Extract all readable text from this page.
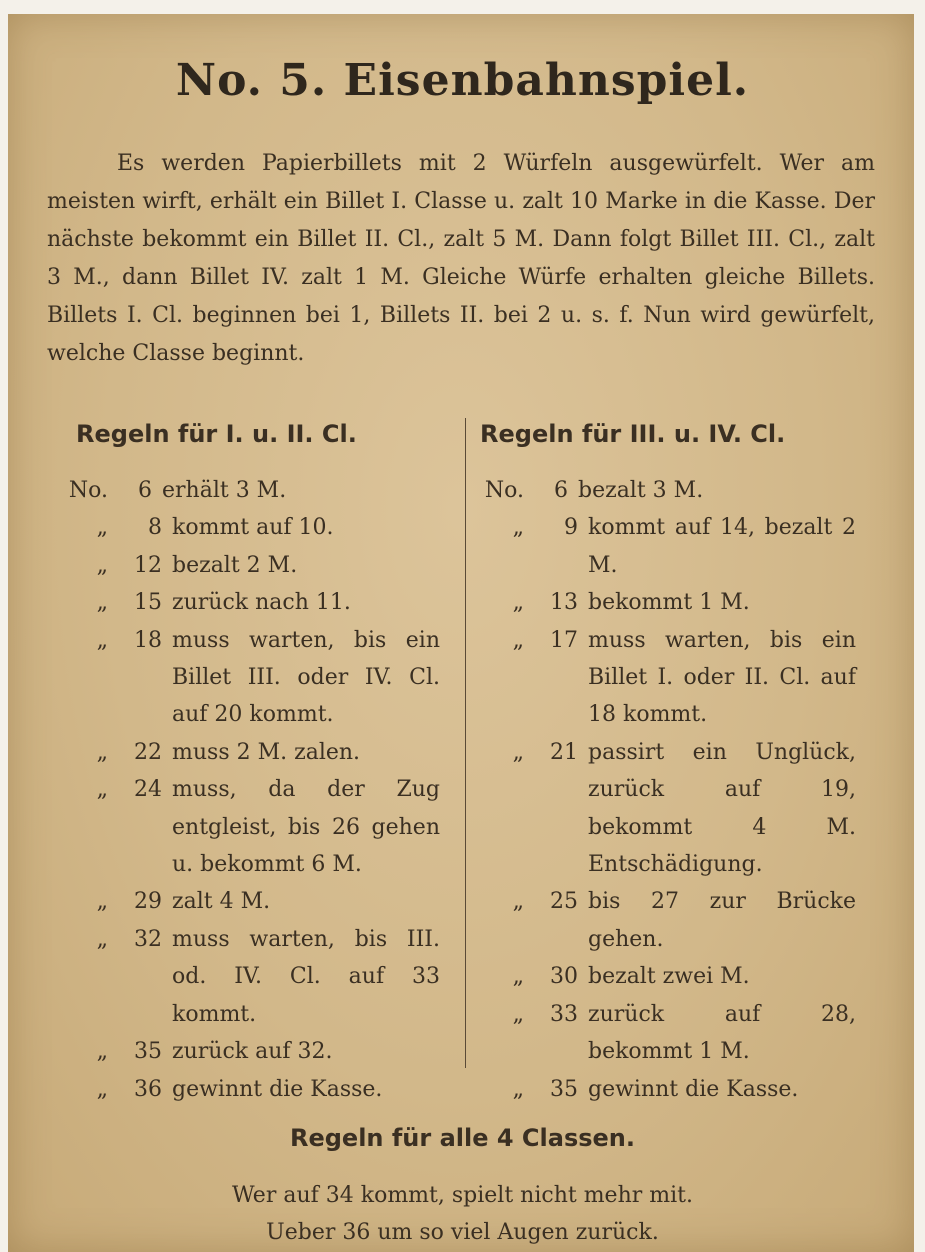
No. 5. Eisenbahnspiel.
Es werden Papierbillets mit 2 Würfeln ausgewürfelt. Wer am meisten wirft, erhält ein Billet I. Classe u. zalt 10 Marke in die Kasse. Der nächste bekommt ein Billet II. Cl., zalt 5 M. Dann folgt Billet III. Cl., zalt 3 M., dann Billet IV. zalt 1 M. Gleiche Würfe erhalten gleiche Billets. Billets I. Cl. beginnen bei 1, Billets II. bei 2 u. s. f. Nun wird gewürfelt, welche Classe beginnt.
Regeln für I. u. II. Cl.	Regeln für III. u. IV. Cl.
No.	6 erhält 3 M.
„	8 kommt auf 10.
„	12 bezalt 2 M.
„	15 zurück nach 11.
„	18 muss warten, bis ein Billet III. oder IV. Cl. auf 20 kommt.
„	22 muss 2 M. zalen.
„	24 muss, da der Zug entgleist, bis 26 gehen u. bekommt 6 M.
„	29 zalt 4 M.
„	32 muss warten, bis III. od. IV. Cl. auf 33 kommt.
„	35 zurück auf 32.
„	36 gewinnt die Kasse.
No.	6 bezalt 3 M.
„	9 kommt auf 14, bezalt 2 M.
„	13 bekommt 1 M.
„	17 muss warten, bis ein Billet I. oder II. Cl. auf 18 kommt.
„	21 passirt ein Unglück, zurück auf 19, bekommt 4 M. Entschädigung.
„	25 bis 27 zur Brücke gehen.
„	30 bezalt zwei M.
„	33 zurück auf 28, bekommt 1 M.
„	35 gewinnt die Kasse.
Regeln für alle 4 Classen.
Wer auf 34 kommt, spielt nicht mehr mit.
Ueber 36 um so viel Augen zurück.
